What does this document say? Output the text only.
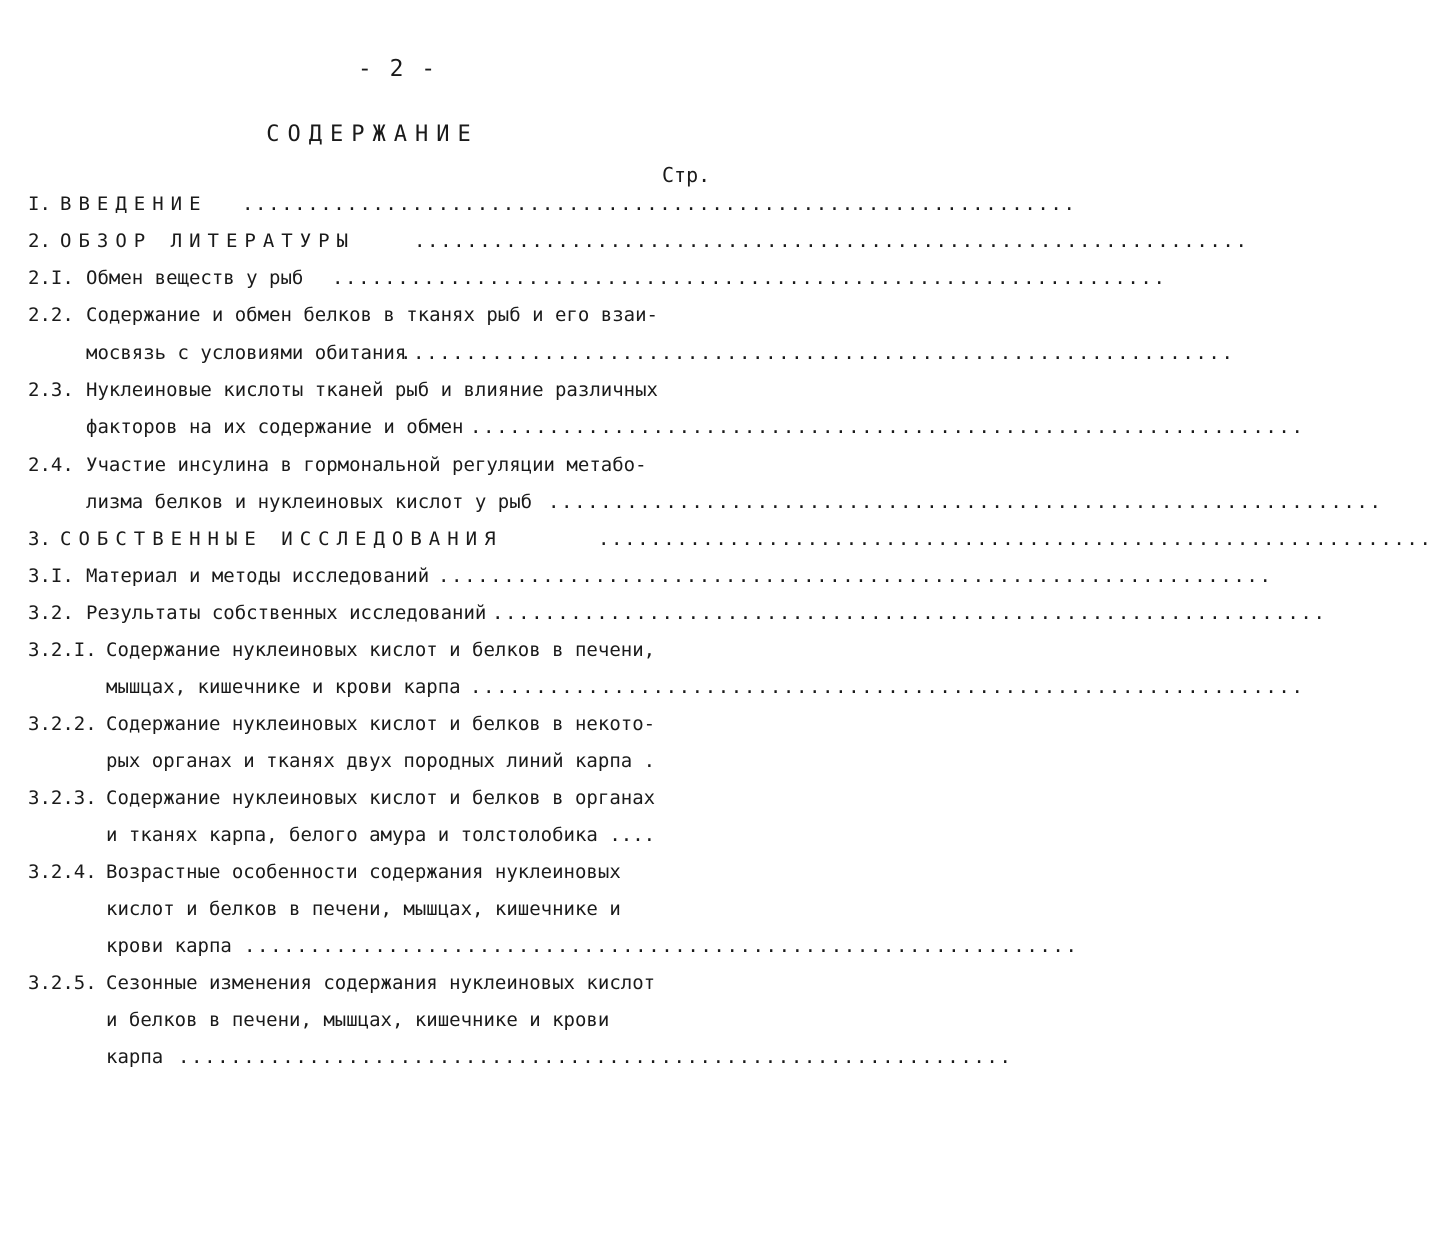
- 2 -
СОДЕРЖАНИЕ
Стр.
I. ВВЕДЕНИЕ ................................................................
2. ОБЗОР ЛИТЕРАТУРЫ	................................................................
2.I. Обмен веществ у рыб ................................................................
2.2. Содержание и обмен белков в тканях рыб и его взаи-
мосвязь с условиями обитания
................................................................
2.3. Нуклеиновые кислоты тканей рыб и влияние различных
факторов на их содержание и обмен ................................................................
2.4. Участие инсулина в гормональной регуляции метабо-
лизма белков и нуклеиновых кислот у рыб ................................................................
3. СОБСТВЕННЫЕ ИССЛЕДОВАНИЯ	................................................................
3.I. Материал и методы исследований ................................................................
3.2. Результаты собственных исследований ................................................................
3.2.I. Содержание нуклеиновых кислот и белков в печени,
мышцах, кишечнике и крови карпа ................................................................
3.2.2. Содержание нуклеиновых кислот и белков в некото-
рых органах и тканях двух породных линий карпа .
3.2.3. Содержание нуклеиновых кислот и белков в органах
и тканях карпа, белого амура и толстолобика ....
3.2.4. Возрастные особенности содержания нуклеиновых
кислот и белков в печени, мышцах, кишечнике и
крови карпа ................................................................
3.2.5. Сезонные изменения содержания нуклеиновых кислот
и белков в печени, мышцах, кишечнике и крови
карпа ................................................................
